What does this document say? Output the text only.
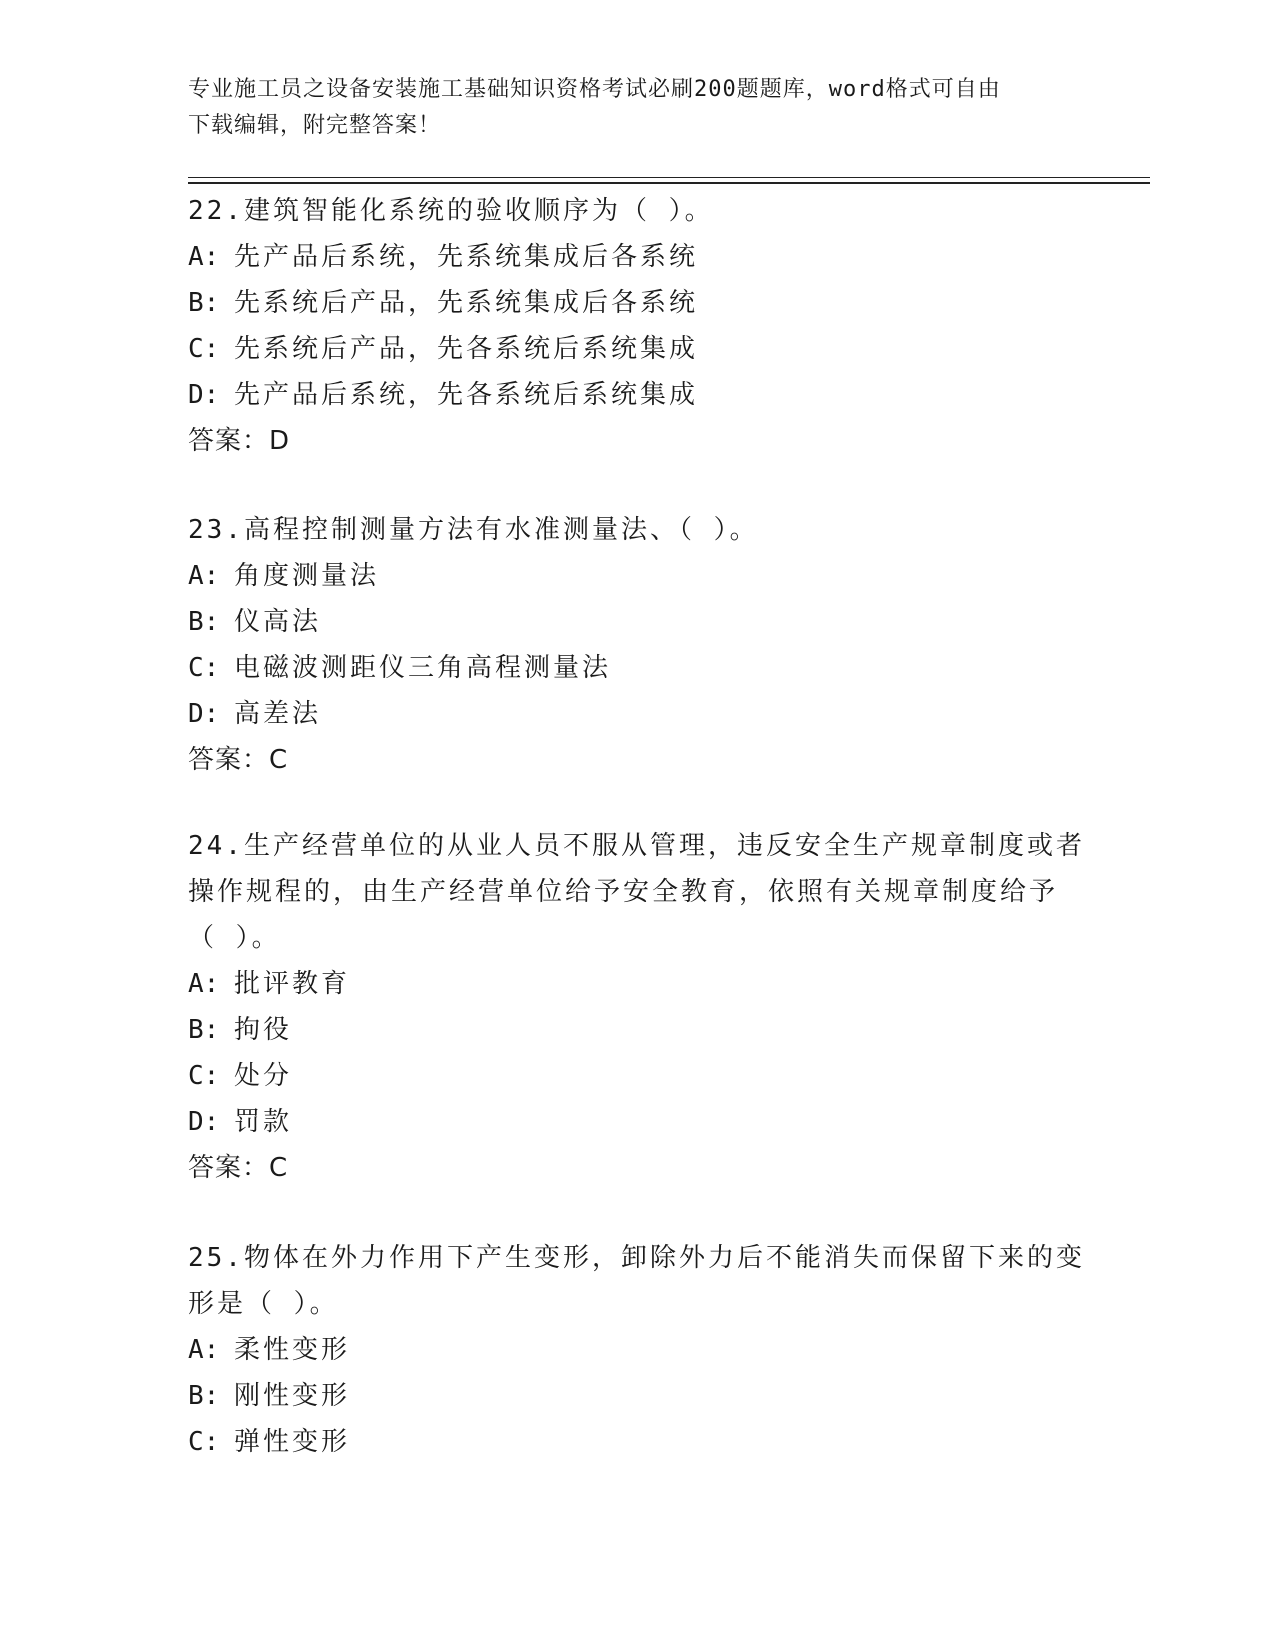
专业施工员之设备安装施工基础知识资格考试必刷200题题库，word格式可自由
下载编辑，附完整答案！

22.建筑智能化系统的验收顺序为（ ）。

A: 先产品后系统，先系统集成后各系统

B: 先系统后产品，先系统集成后各系统

C: 先系统后产品，先各系统后系统集成

D: 先产品后系统，先各系统后系统集成

答案：D

23.高程控制测量方法有水准测量法、（ ）。

A: 角度测量法

B: 仪高法

C: 电磁波测距仪三角高程测量法

D: 高差法

答案：C

24.生产经营单位的从业人员不服从管理，违反安全生产规章制度或者

操作规程的，由生产经营单位给予安全教育，依照有关规章制度给予

（ ）。

A: 批评教育

B: 拘役

C: 处分

D: 罚款

答案：C

25.物体在外力作用下产生变形，卸除外力后不能消失而保留下来的变

形是（ ）。

A: 柔性变形

B: 刚性变形

C: 弹性变形
